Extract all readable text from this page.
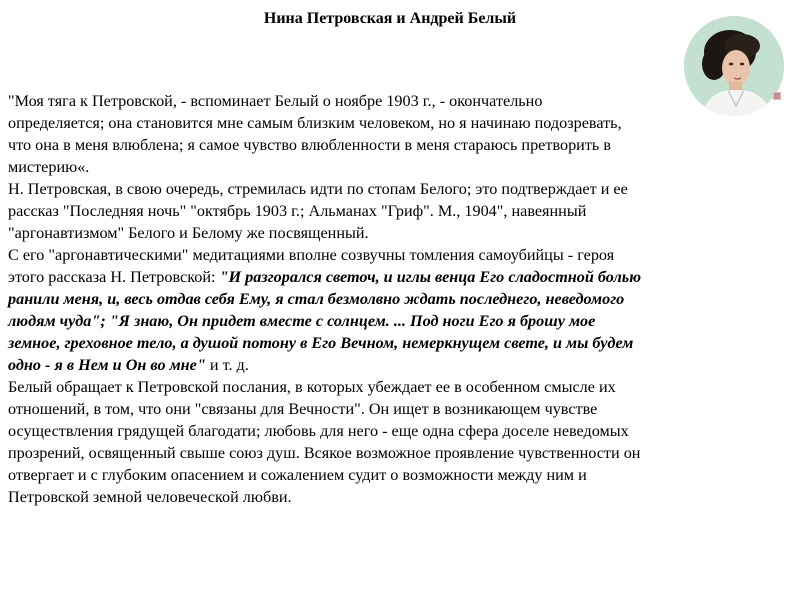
Нина Петровская и Андрей Белый
"Моя тяга к Петровской, - вспоминает Белый о ноябре 1903 г., - окончательно
определяется; она становится мне самым близким человеком, но я начинаю подозревать,
что она в меня влюблена; я самое чувство влюбленности в меня стараюсь претворить в
мистерию«.
Н. Петровская, в свою очередь, стремилась идти по стопам Белого; это подтверждает и ее
рассказ "Последняя ночь" "октябрь 1903 г.; Альманах "Гриф". М., 1904", навеянный
"аргонавтизмом" Белого и Белому же посвященный.
С его "аргонавтическими" медитациями вполне созвучны томления самоубийцы - героя
этого рассказа Н. Петровской: "И разгорался светоч, и иглы венца Его сладостной болью
ранили меня, и, весь отдав себя Ему, я стал безмолвно ждать последнего, неведомого
людям чуда"; "Я знаю, Он придет вместе с солнцем. ... Под ноги Его я брошу мое
земное, греховное тело, а душой потону в Его Вечном, немеркнущем свете, и мы будем
одно - я в Нем и Он во мне" и т. д.
Белый обращает к Петровской послания, в которых убеждает ее в особенном смысле их
отношений, в том, что они "связаны для Вечности". Он ищет в возникающем чувстве
осуществления грядущей благодати; любовь для него - еще одна сфера доселе неведомых
прозрений, освященный свыше союз душ. Всякое возможное проявление чувственности он
отвергает и с глубоким опасением и сожалением судит о возможности между ним и
Петровской земной человеческой любви.
